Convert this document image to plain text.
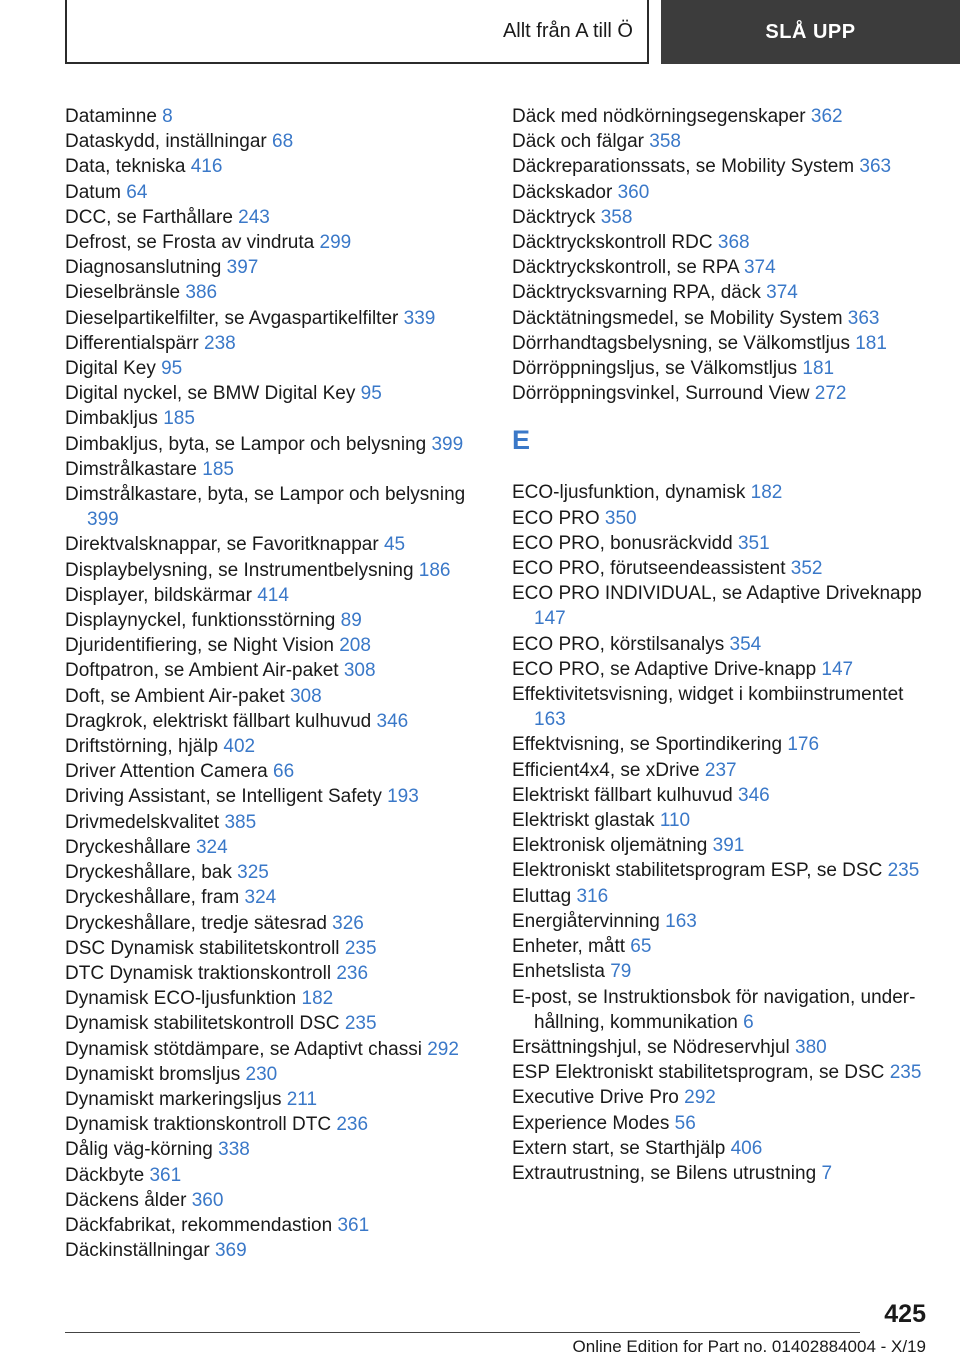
Allt från A till Ö	SLÅ UPP
Dataminne 8
Dataskydd, inställningar 68
Data, tekniska 416
Datum 64
DCC, se Farthållare 243
Defrost, se Frosta av vindruta 299
Diagnosanslutning 397
Dieselbränsle 386
Dieselpartikelfilter, se Avgaspartikelfilter 339
Differentialspärr 238
Digital Key 95
Digital nyckel, se BMW Digital Key 95
Dimbakljus 185
Dimbakljus, byta, se Lampor och belysning 399
Dimstrålkastare 185
Dimstrålkastare, byta, se Lampor och belysning 399
Direktvalsknappar, se Favoritknappar 45
Displaybelysning, se Instrumentbelysning 186
Displayer, bildskärmar 414
Displaynyckel, funktionsstörning 89
Djuridentifiering, se Night Vision 208
Doftpatron, se Ambient Air-paket 308
Doft, se Ambient Air-paket 308
Dragkrok, elektriskt fällbart kulhuvud 346
Driftstörning, hjälp 402
Driver Attention Camera 66
Driving Assistant, se Intelligent Safety 193
Drivmedelskvalitet 385
Dryckeshållare 324
Dryckeshållare, bak 325
Dryckeshållare, fram 324
Dryckeshållare, tredje sätesrad 326
DSC Dynamisk stabilitetskontroll 235
DTC Dynamisk traktionskontroll 236
Dynamisk ECO-ljusfunktion 182
Dynamisk stabilitetskontroll DSC 235
Dynamisk stötdämpare, se Adaptivt chassi 292
Dynamiskt bromsljus 230
Dynamiskt markeringsljus 211
Dynamisk traktionskontroll DTC 236
Dålig väg-körning 338
Däckbyte 361
Däckens ålder 360
Däckfabrikat, rekommendastion 361
Däckinställningar 369
Däck med nödkörningsegenskaper 362
Däck och fälgar 358
Däckreparationssats, se Mobility System 363
Däckskador 360
Däcktryck 358
Däcktryckskontroll RDC 368
Däcktryckskontroll, se RPA 374
Däcktrycksvarning RPA, däck 374
Däcktätningsmedel, se Mobility System 363
Dörrhandtagsbelysning, se Välkomstljus 181
Dörröppningsljus, se Välkomstljus 181
Dörröppningsvinkel, Surround View 272
E
ECO-ljusfunktion, dynamisk 182
ECO PRO 350
ECO PRO, bonusräckvidd 351
ECO PRO, förutseendeassistent 352
ECO PRO INDIVIDUAL, se Adaptive Driveknapp 147
ECO PRO, körstilsanalys 354
ECO PRO, se Adaptive Drive-knapp 147
Effektivitetsvisning, widget i kombiinstrumentet 163
Effektvisning, se Sportindikering 176
Efficient4x4, se xDrive 237
Elektriskt fällbart kulhuvud 346
Elektriskt glastak 110
Elektronisk oljemätning 391
Elektroniskt stabilitetsprogram ESP, se DSC 235
Eluttag 316
Energiåtervinning 163
Enheter, mått 65
Enhetslista 79
E-post, se Instruktionsbok för navigation, underhållning, kommunikation 6
Ersättningshjul, se Nödreservhjul 380
ESP Elektroniskt stabilitetsprogram, se DSC 235
Executive Drive Pro 292
Experience Modes 56
Extern start, se Starthjälp 406
Extrautrustning, se Bilens utrustning 7
425
Online Edition for Part no. 01402884004 - X/19
